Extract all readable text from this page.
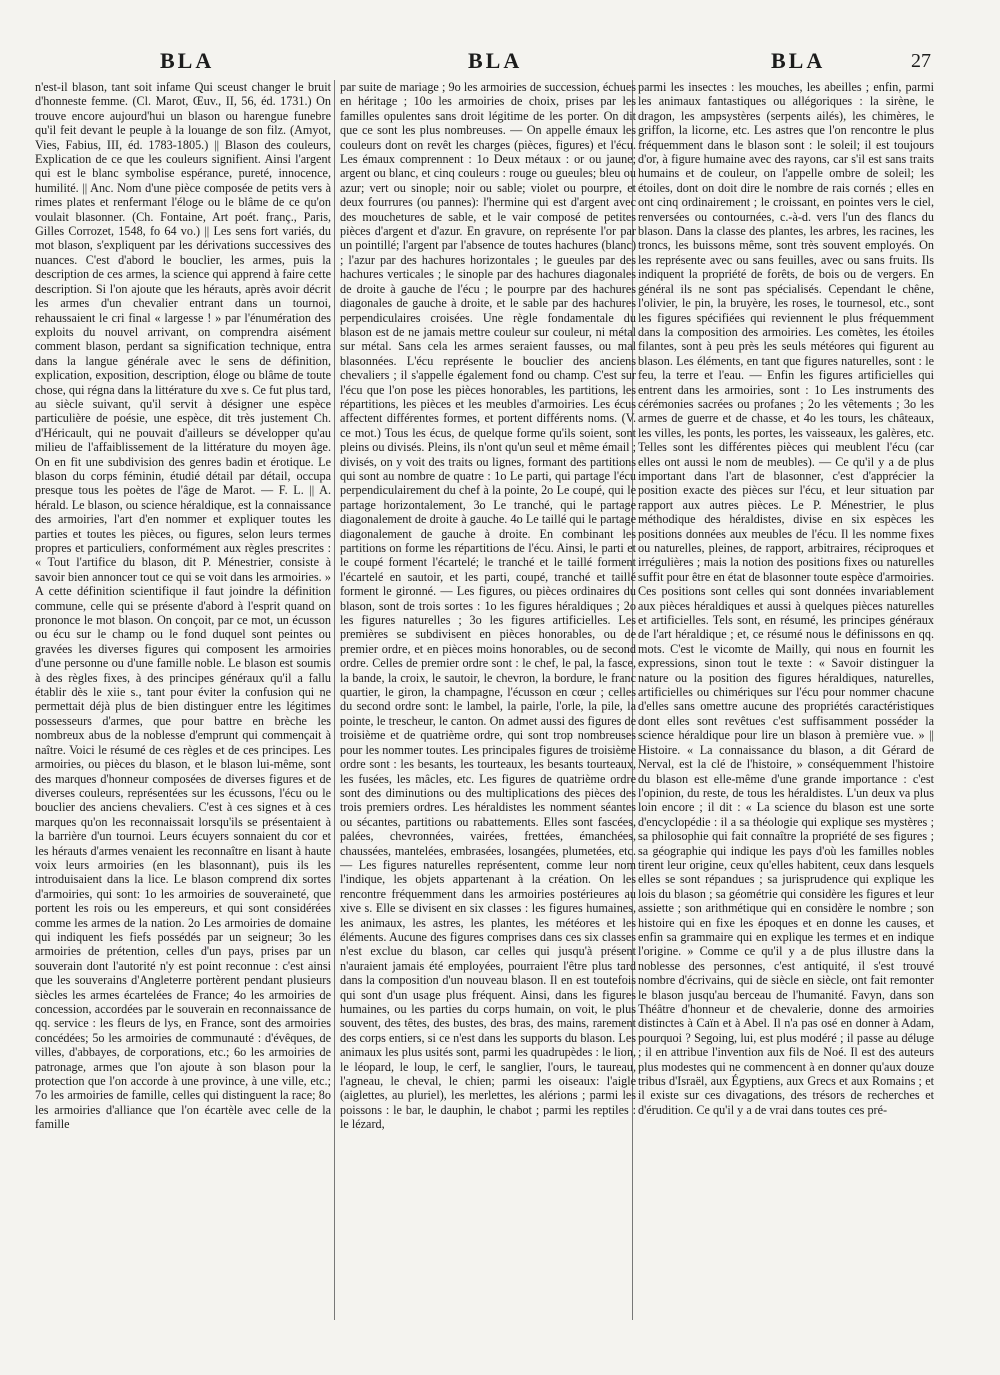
BLA	BLA	BLA	27

n'est-il blason, tant soit infame Qui sceust changer le bruit d'honneste femme. (Cl. Marot, Œuv., II, 56, éd. 1731.) On trouve encore aujourd'hui un blason ou harengue funebre qu'il feit devant le peuple à la louange de son filz. (Amyot, Vies, Fabius, III, éd. 1783-1805.) || Blason des couleurs, Explication de ce que les couleurs signifient. Ainsi l'argent qui est le blanc symbolise espérance, pureté, innocence, humilité. || Anc. Nom d'une pièce composée de petits vers à rimes plates et renfermant l'éloge ou le blâme de ce qu'on voulait blasonner. (Ch. Fontaine, Art poét. franç., Paris, Gilles Corrozet, 1548, fo 64 vo.) || Les sens fort variés, du mot blason, s'expliquent par les dérivations successives des nuances. C'est d'abord le bouclier, les armes, puis la description de ces armes, la science qui apprend à faire cette description. Si l'on ajoute que les hérauts, après avoir décrit les armes d'un chevalier entrant dans un tournoi, rehaussaient le cri final « largesse ! » par l'énumération des exploits du nouvel arrivant, on comprendra aisément comment blason, perdant sa signification technique, entra dans la langue générale avec le sens de définition, explication, exposition, description, éloge ou blâme de toute chose, qui régna dans la littérature du xve s. Ce fut plus tard, au siècle suivant, qu'il servit à désigner une espèce particulière de poésie, une espèce, dit très justement Ch. d'Héricault, qui ne pouvait d'ailleurs se développer qu'au milieu de l'affaiblissement de la littérature du moyen âge. On en fit une subdivision des genres badin et érotique. Le blason du corps féminin, étudié détail par détail, occupa presque tous les poètes de l'âge de Marot. — F. L. || A. hérald. Le blason, ou science héraldique, est la connaissance des armoiries, l'art d'en nommer et expliquer toutes les parties et toutes les pièces, ou figures, selon leurs termes propres et particuliers, conformément aux règles prescrites : « Tout l'artifice du blason, dit P. Ménestrier, consiste à savoir bien annoncer tout ce qui se voit dans les armoiries. » A cette définition scientifique il faut joindre la définition commune, celle qui se présente d'abord à l'esprit quand on prononce le mot blason. On conçoit, par ce mot, un écusson ou écu sur le champ ou le fond duquel sont peintes ou gravées les diverses figures qui composent les armoiries d'une personne ou d'une famille noble. Le blason est soumis à des règles fixes, à des principes généraux qu'il a fallu établir dès le xiie s., tant pour éviter la confusion qui ne permettait déjà plus de bien distinguer entre les légitimes possesseurs d'armes, que pour battre en brèche les nombreux abus de la noblesse d'emprunt qui commençait à naître. Voici le résumé de ces règles et de ces principes. Les armoiries, ou pièces du blason, et le blason lui-même, sont des marques d'honneur composées de diverses figures et de diverses couleurs, représentées sur les écussons, l'écu ou le bouclier des anciens chevaliers. C'est à ces signes et à ces marques qu'on les reconnaissait lorsqu'ils se présentaient à la barrière d'un tournoi. Leurs écuyers sonnaient du cor et les hérauts d'armes venaient les reconnaître en lisant à haute voix leurs armoiries (en les blasonnant), puis ils les introduisaient dans la lice. Le blason comprend dix sortes d'armoiries, qui sont: 1o les armoiries de souveraineté, que portent les rois ou les empereurs, et qui sont considérées comme les armes de la nation. 2o Les armoiries de domaine qui indiquent les fiefs possédés par un seigneur; 3o les armoiries de prétention, celles d'un pays, prises par un souverain dont l'autorité n'y est point reconnue : c'est ainsi que les souverains d'Angleterre portèrent pendant plusieurs siècles les armes écartelées de France; 4o les armoiries de concession, accordées par le souverain en reconnaissance de qq. service : les fleurs de lys, en France, sont des armoiries concédées; 5o les armoiries de communauté : d'évêques, de villes, d'abbayes, de corporations, etc.; 6o les armoiries de patronage, armes que l'on ajoute à son blason pour la protection que l'on accorde à une province, à une ville, etc.; 7o les armoiries de famille, celles qui distinguent la race; 8o les armoiries d'alliance que l'on écartèle avec celle de la famille

par suite de mariage ; 9o les armoiries de succession, échues en héritage ; 10o les armoiries de choix, prises par les familles opulentes sans droit légitime de les porter. On dit que ce sont les plus nombreuses. — On appelle émaux les couleurs dont on revêt les charges (pièces, figures) et l'écu. Les émaux comprennent : 1o Deux métaux : or ou jaune; argent ou blanc, et cinq couleurs : rouge ou gueules; bleu ou azur; vert ou sinople; noir ou sable; violet ou pourpre, et deux fourrures (ou pannes): l'hermine qui est d'argent avec des mouchetures de sable, et le vair composé de petites pièces d'argent et d'azur. En gravure, on représente l'or par un pointillé; l'argent par l'absence de toutes hachures (blanc) ; l'azur par des hachures horizontales ; le gueules par des hachures verticales ; le sinople par des hachures diagonales de droite à gauche de l'écu ; le pourpre par des hachures diagonales de gauche à droite, et le sable par des hachures perpendiculaires croisées. Une règle fondamentale du blason est de ne jamais mettre couleur sur couleur, ni métal sur métal. Sans cela les armes seraient fausses, ou mal blasonnées. L'écu représente le bouclier des anciens chevaliers ; il s'appelle également fond ou champ. C'est sur l'écu que l'on pose les pièces honorables, les partitions, les répartitions, les pièces et les meubles d'armoiries. Les écus affectent différentes formes, et portent différents noms. (V. ce mot.) Tous les écus, de quelque forme qu'ils soient, sont pleins ou divisés. Pleins, ils n'ont qu'un seul et même émail ; divisés, on y voit des traits ou lignes, formant des partitions qui sont au nombre de quatre : 1o Le parti, qui partage l'écu perpendiculairement du chef à la pointe, 2o Le coupé, qui le partage horizontalement, 3o Le tranché, qui le partage diagonalement de droite à gauche. 4o Le taillé qui le partage diagonalement de gauche à droite. En combinant les partitions on forme les répartitions de l'écu. Ainsi, le parti et le coupé forment l'écartelé; le tranché et le taillé forment l'écartelé en sautoir, et les parti, coupé, tranché et taillé forment le gironné. — Les figures, ou pièces ordinaires du blason, sont de trois sortes : 1o les figures héraldiques ; 2o les figures naturelles ; 3o les figures artificielles. Les premières se subdivisent en pièces honorables, ou de premier ordre, et en pièces moins honorables, ou de second ordre. Celles de premier ordre sont : le chef, le pal, la fasce, la bande, la croix, le sautoir, le chevron, la bordure, le franc quartier, le giron, la champagne, l'écusson en cœur ; celles du second ordre sont: le lambel, la pairle, l'orle, la pile, la pointe, le trescheur, le canton. On admet aussi des figures de troisième et de quatrième ordre, qui sont trop nombreuses pour les nommer toutes. Les principales figures de troisième ordre sont : les besants, les tourteaux, les besants tourteaux, les fusées, les mâcles, etc. Les figures de quatrième ordre sont des diminutions ou des multiplications des pièces des trois premiers ordres. Les héraldistes les nomment séantes ou sécantes, partitions ou rabattements. Elles sont fascées, palées, chevronnées, vairées, frettées, émanchées, chaussées, mantelées, embrasées, losangées, plumetées, etc. — Les figures naturelles représentent, comme leur nom l'indique, les objets appartenant à la création. On les rencontre fréquemment dans les armoiries postérieures au xive s. Elle se divisent en six classes : les figures humaines, les animaux, les astres, les plantes, les météores et les éléments. Aucune des figures comprises dans ces six classes n'est exclue du blason, car celles qui jusqu'à présent n'auraient jamais été employées, pourraient l'être plus tard dans la composition d'un nouveau blason. Il en est toutefois qui sont d'un usage plus fréquent. Ainsi, dans les figures humaines, ou les parties du corps humain, on voit, le plus souvent, des têtes, des bustes, des bras, des mains, rarement des corps entiers, si ce n'est dans les supports du blason. Les animaux les plus usités sont, parmi les quadrupèdes : le lion, le léopard, le loup, le cerf, le sanglier, l'ours, le taureau, l'agneau, le cheval, le chien; parmi les oiseaux: l'aigle (aiglettes, au pluriel), les merlettes, les alérions ; parmi les poissons : le bar, le dauphin, le chabot ; parmi les reptiles : le lézard,

parmi les insectes : les mouches, les abeilles ; enfin, parmi les animaux fantastiques ou allégoriques : la sirène, le dragon, les ampsystères (serpents ailés), les chimères, le griffon, la licorne, etc. Les astres que l'on rencontre le plus fréquemment dans le blason sont : le soleil; il est toujours d'or, à figure humaine avec des rayons, car s'il est sans traits humains et de couleur, on l'appelle ombre de soleil; les étoiles, dont on doit dire le nombre de rais cornés ; elles en ont cinq ordinairement ; le croissant, en pointes vers le ciel, renversées ou contournées, c.-à-d. vers l'un des flancs du blason. Dans la classe des plantes, les arbres, les racines, les troncs, les buissons même, sont très souvent employés. On les représente avec ou sans feuilles, avec ou sans fruits. Ils indiquent la propriété de forêts, de bois ou de vergers. En général ils ne sont pas spécialisés. Cependant le chêne, l'olivier, le pin, la bruyère, les roses, le tournesol, etc., sont les figures spécifiées qui reviennent le plus fréquemment dans la composition des armoiries. Les comètes, les étoiles filantes, sont à peu près les seuls météores qui figurent au blason. Les éléments, en tant que figures naturelles, sont : le feu, la terre et l'eau. — Enfin les figures artificielles qui entrent dans les armoiries, sont : 1o Les instruments des cérémonies sacrées ou profanes ; 2o les vêtements ; 3o les armes de guerre et de chasse, et 4o les tours, les châteaux, les villes, les ponts, les portes, les vaisseaux, les galères, etc. Telles sont les différentes pièces qui meublent l'écu (car elles ont aussi le nom de meubles). — Ce qu'il y a de plus important dans l'art de blasonner, c'est d'apprécier la position exacte des pièces sur l'écu, et leur situation par rapport aux autres pièces. Le P. Ménestrier, le plus méthodique des héraldistes, divise en six espèces les positions données aux meubles de l'écu. Il les nomme fixes ou naturelles, pleines, de rapport, arbitraires, réciproques et irrégulières ; mais la notion des positions fixes ou naturelles suffit pour être en état de blasonner toute espèce d'armoiries. Ces positions sont celles qui sont données invariablement aux pièces héraldiques et aussi à quelques pièces naturelles et artificielles. Tels sont, en résumé, les principes généraux de l'art héraldique ; et, ce résumé nous le définissons en qq. mots. C'est le vicomte de Mailly, qui nous en fournit les expressions, sinon tout le texte : « Savoir distinguer la nature ou la position des figures héraldiques, naturelles, artificielles ou chimériques sur l'écu pour nommer chacune d'elles sans omettre aucune des propriétés caractéristiques dont elles sont revêtues c'est suffisamment posséder la science héraldique pour lire un blason à première vue. » || Histoire. « La connaissance du blason, a dit Gérard de Nerval, est la clé de l'histoire, » conséquemment l'histoire du blason est elle-même d'une grande importance : c'est l'opinion, du reste, de tous les héraldistes. L'un deux va plus loin encore ; il dit : « La science du blason est une sorte d'encyclopédie : il a sa théologie qui explique ses mystères ; sa philosophie qui fait connaître la propriété de ses figures ; sa géographie qui indique les pays d'où les familles nobles tirent leur origine, ceux qu'elles habitent, ceux dans lesquels elles se sont répandues ; sa jurisprudence qui explique les lois du blason ; sa géométrie qui considère les figures et leur assiette ; son arithmétique qui en considère le nombre ; son histoire qui en fixe les époques et en donne les causes, et enfin sa grammaire qui en explique les termes et en indique l'origine. » Comme ce qu'il y a de plus illustre dans la noblesse des personnes, c'est antiquité, il s'est trouvé nombre d'écrivains, qui de siècle en siècle, ont fait remonter le blason jusqu'au berceau de l'humanité. Favyn, dans son Théâtre d'honneur et de chevalerie, donne des armoiries distinctes à Caïn et à Abel. Il n'a pas osé en donner à Adam, pourquoi ? Segoing, lui, est plus modéré ; il passe au déluge ; il en attribue l'invention aux fils de Noé. Il est des auteurs plus modestes qui ne commencent à en donner qu'aux douze tribus d'Israël, aux Égyptiens, aux Grecs et aux Romains ; et il existe sur ces divagations, des trésors de recherches et d'érudition. Ce qu'il y a de vrai dans toutes ces pré-
